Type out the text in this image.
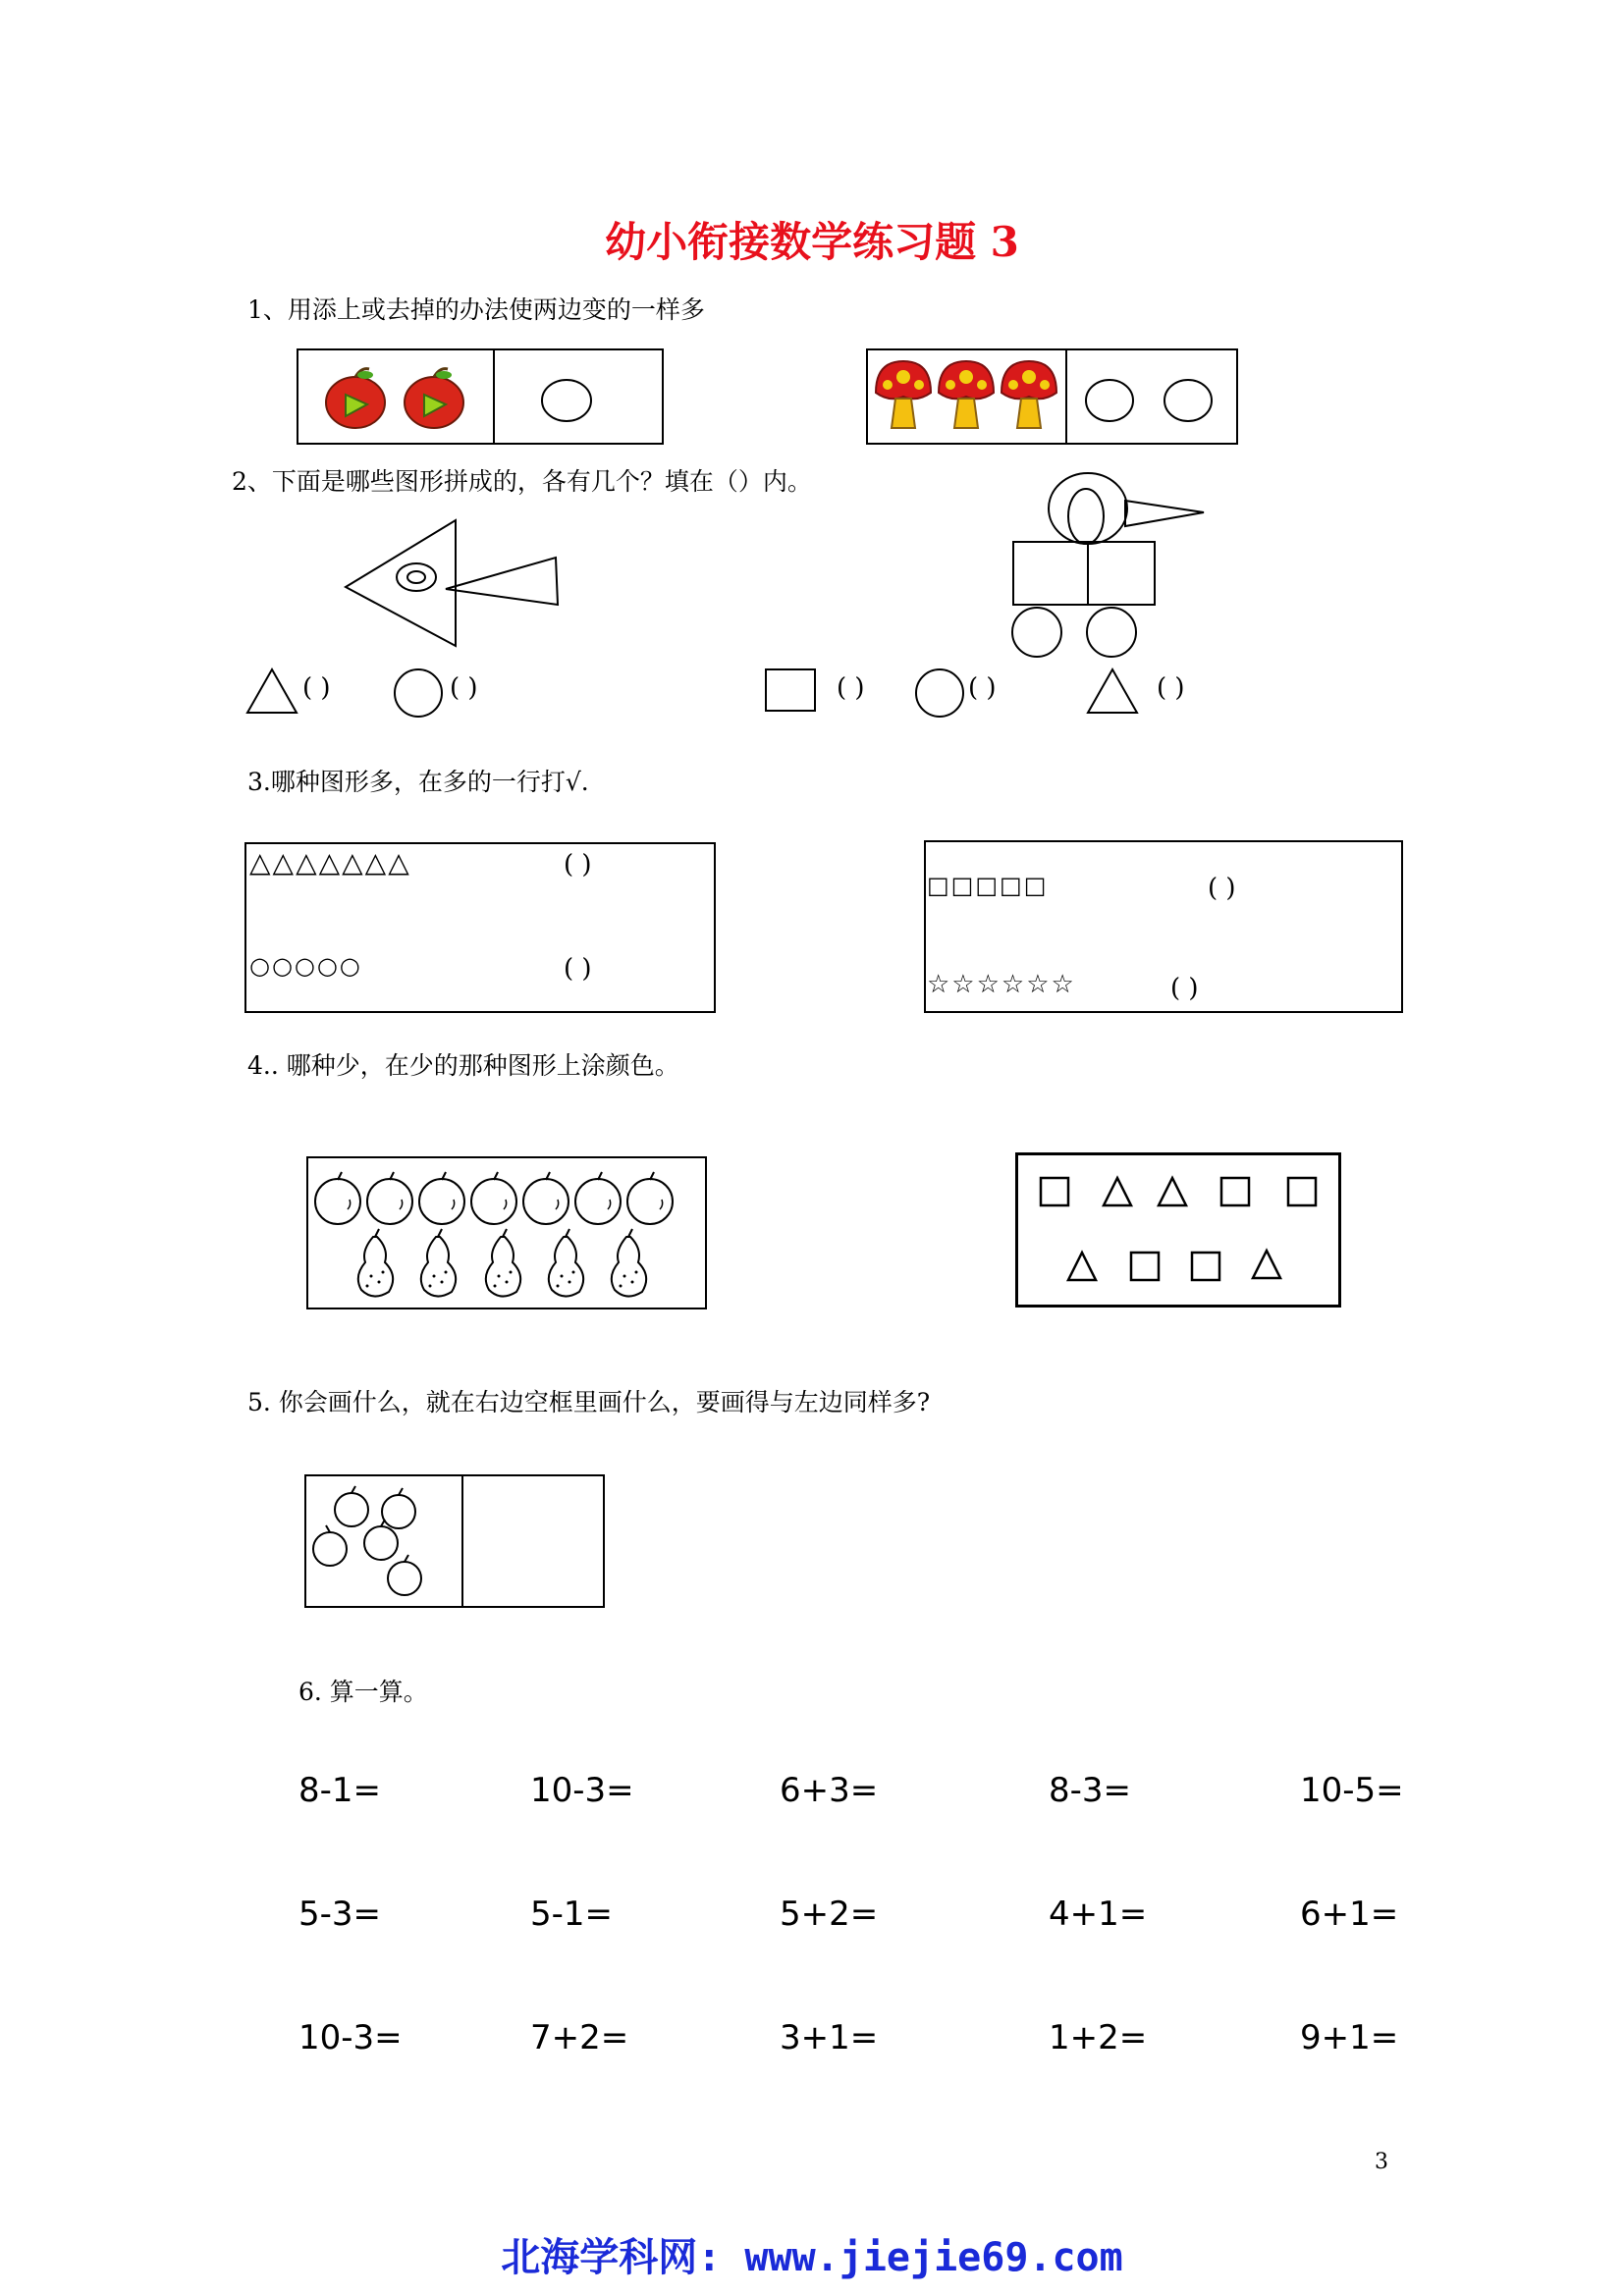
幼小衔接数学练习题 3
1、用添上或去掉的办法使两边变的一样多
2、下面是哪些图形拼成的，各有几个？填在（）内。
( )	( )	( )	( )	( )
3.哪种图形多，在多的一行打√.
△△△△△△△	( )
○○○○○	( )
□□□□□	( )
☆☆☆☆☆☆	( )
4.. 哪种少，在少的那种图形上涂颜色。
5. 你会画什么，就在右边空框里画什么，要画得与左边同样多?
6. 算一算。
8-1=	10-3=	6+3=	8-3=	10-5=
5-3=	5-1=	5+2=	4+1=	6+1=
10-3=	7+2=	3+1=	1+2=	9+1=
3
北海学科网: www.jiejie69.com
